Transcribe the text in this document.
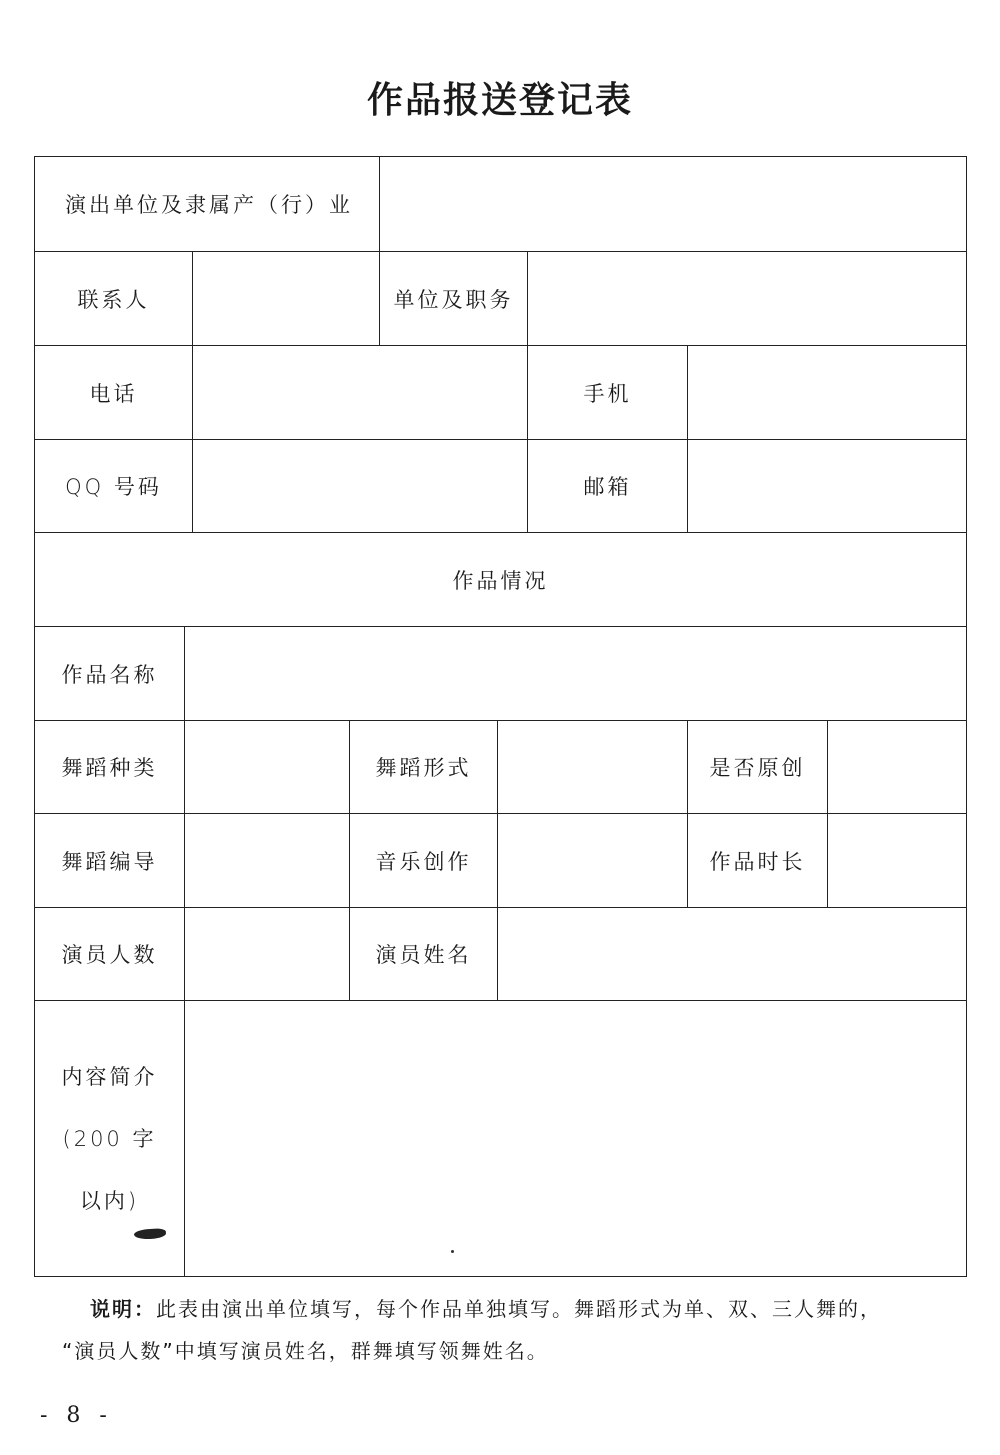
作品报送登记表
演出单位及隶属产（行）业								
联系人				单位及职务				
电话						手机		
QQ 号码						邮箱		
作品情况								
作品名称								
舞蹈种类			舞蹈形式				是否原创	
舞蹈编导			音乐创作				作品时长	
演员人数			演员姓名					

内容简介
(200 字
以内)								

说明：此表由演出单位填写，每个作品单独填写。舞蹈形式为单、双、三人舞的，
“演员人数”中填写演员姓名，群舞填写领舞姓名。
- 8 -
